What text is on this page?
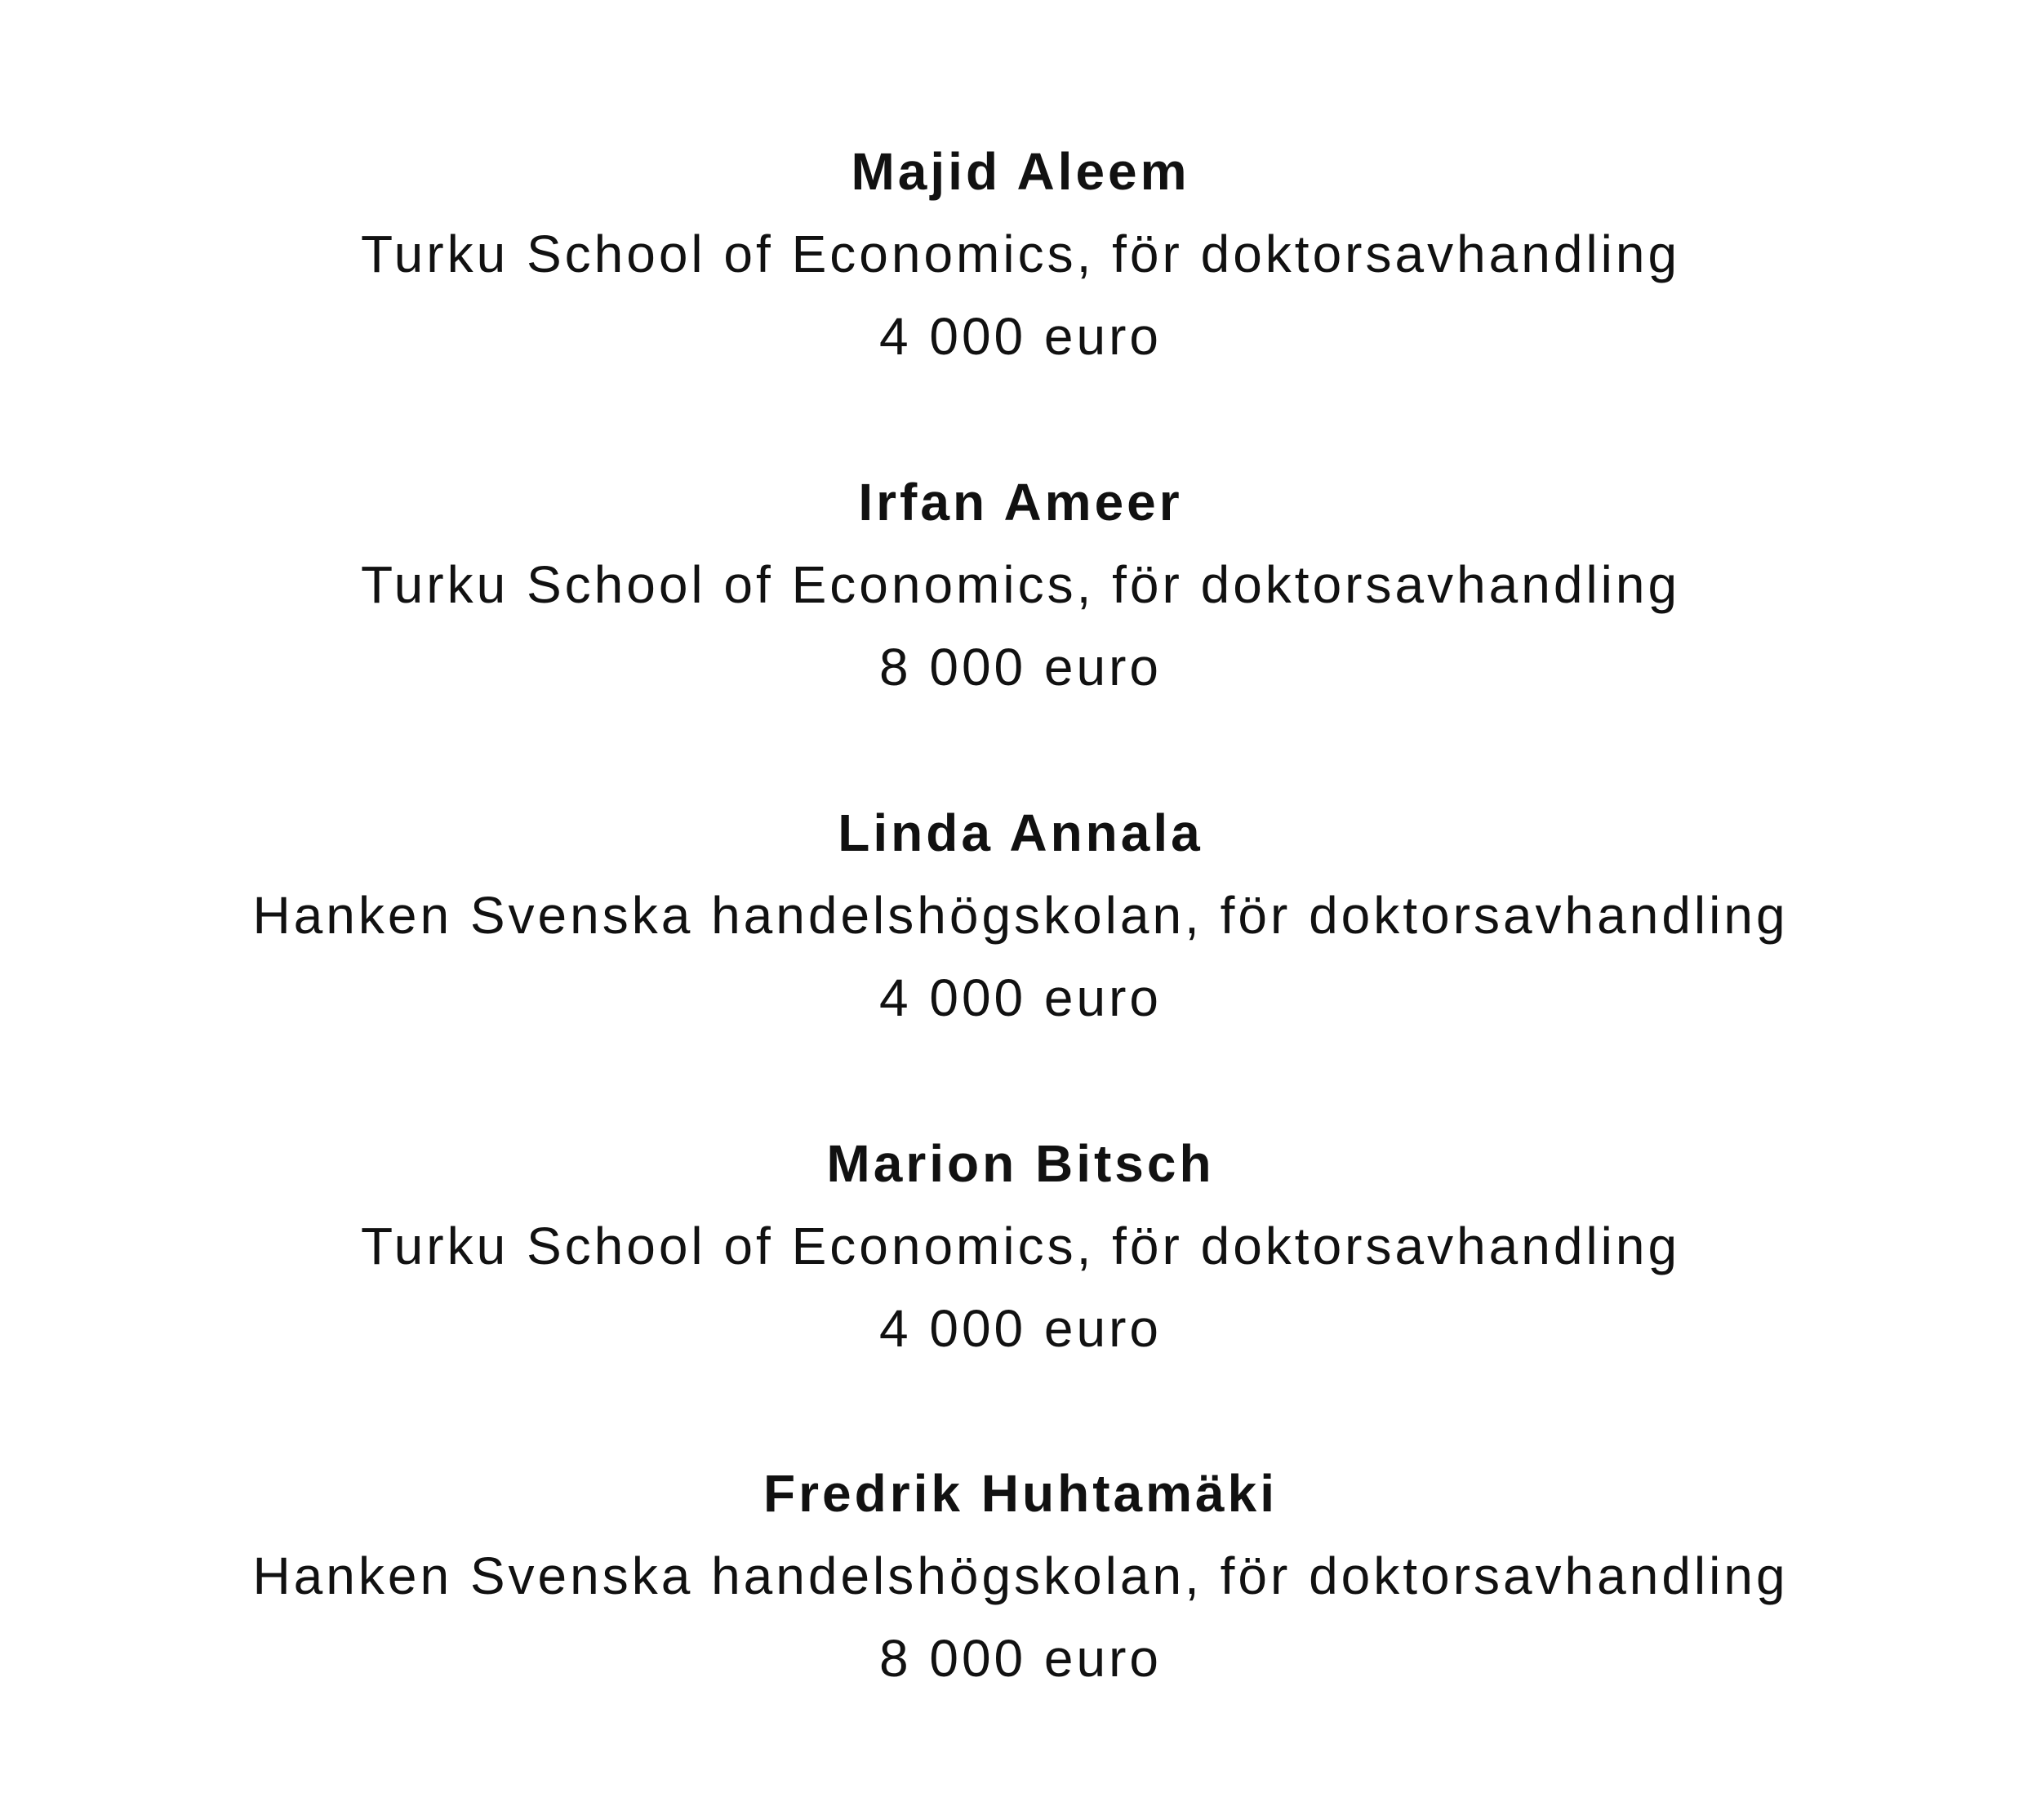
Majid Aleem
Turku School of Economics, för doktorsavhandling
4 000 euro
Irfan Ameer
Turku School of Economics, för doktorsavhandling
8 000 euro
Linda Annala
Hanken Svenska handelshögskolan, för doktorsavhandling
4 000 euro
Marion Bitsch
Turku School of Economics, för doktorsavhandling
4 000 euro
Fredrik Huhtamäki
Hanken Svenska handelshögskolan, för doktorsavhandling
8 000 euro
